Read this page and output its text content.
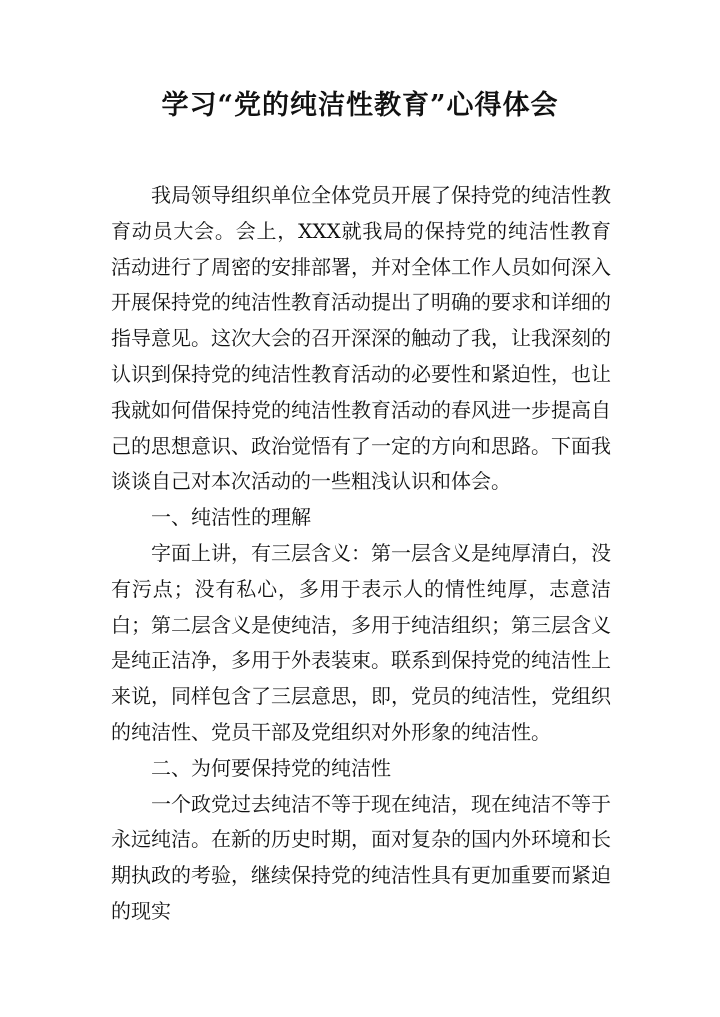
学习“党的纯洁性教育”心得体会

我局领导组织单位全体党员开展了保持党的纯洁性教育动员大会。会上，XXX就我局的保持党的纯洁性教育活动进行了周密的安排部署，并对全体工作人员如何深入开展保持党的纯洁性教育活动提出了明确的要求和详细的指导意见。这次大会的召开深深的触动了我，让我深刻的认识到保持党的纯洁性教育活动的必要性和紧迫性，也让我就如何借保持党的纯洁性教育活动的春风进一步提高自己的思想意识、政治觉悟有了一定的方向和思路。下面我谈谈自己对本次活动的一些粗浅认识和体会。

一、纯洁性的理解

字面上讲，有三层含义：第一层含义是纯厚清白，没有污点；没有私心，多用于表示人的情性纯厚，志意洁白；第二层含义是使纯洁，多用于纯洁组织；第三层含义是纯正洁净，多用于外表装束。联系到保持党的纯洁性上来说，同样包含了三层意思，即，党员的纯洁性，党组织的纯洁性、党员干部及党组织对外形象的纯洁性。

二、为何要保持党的纯洁性

一个政党过去纯洁不等于现在纯洁，现在纯洁不等于永远纯洁。在新的历史时期，面对复杂的国内外环境和长期执政的考验，继续保持党的纯洁性具有更加重要而紧迫的现实
